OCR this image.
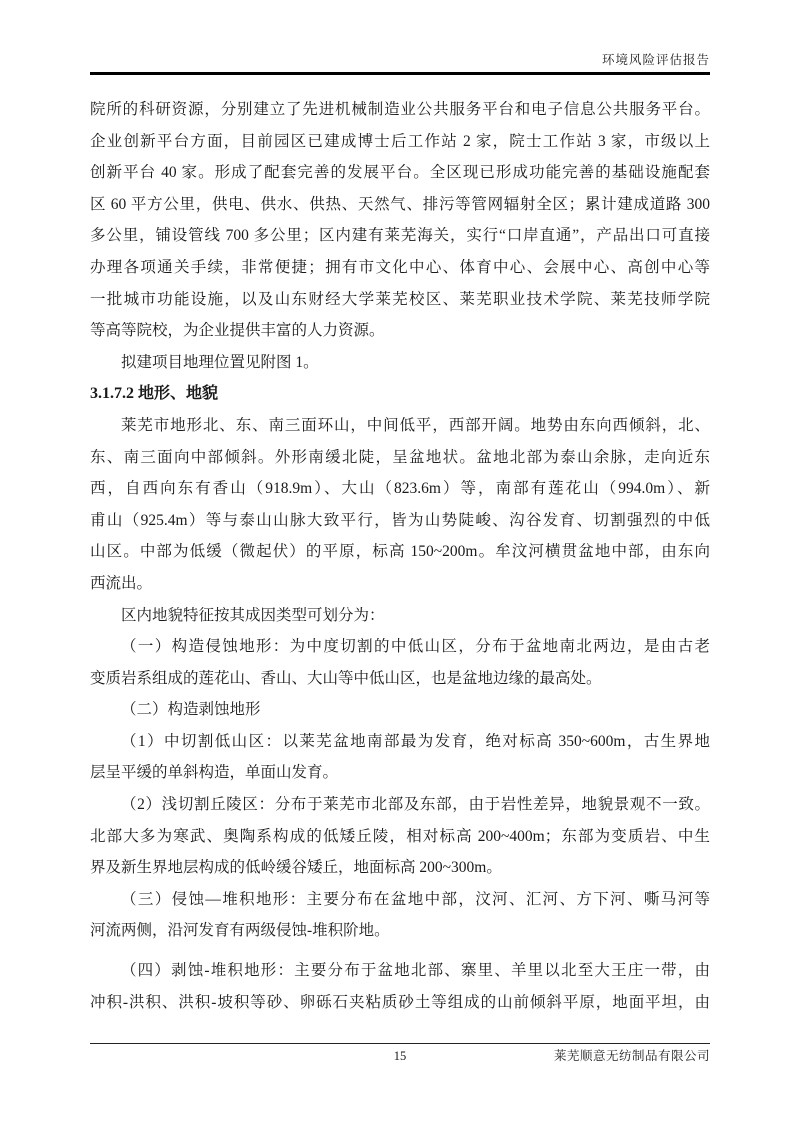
环境风险评估报告
院所的科研资源，分别建立了先进机械制造业公共服务平台和电子信息公共服务平台。
企业创新平台方面，目前园区已建成博士后工作站 2 家，院士工作站 3 家，市级以上
创新平台 40 家。形成了配套完善的发展平台。全区现已形成功能完善的基础设施配套
区 60 平方公里，供电、供水、供热、天然气、排污等管网辐射全区；累计建成道路 300
多公里，铺设管线 700 多公里；区内建有莱芜海关，实行“口岸直通”，产品出口可直接
办理各项通关手续，非常便捷；拥有市文化中心、体育中心、会展中心、高创中心等
一批城市功能设施，以及山东财经大学莱芜校区、莱芜职业技术学院、莱芜技师学院
等高等院校，为企业提供丰富的人力资源。
拟建项目地理位置见附图 1。
3.1.7.2 地形、地貌
莱芜市地形北、东、南三面环山，中间低平，西部开阔。地势由东向西倾斜，北、
东、南三面向中部倾斜。外形南缓北陡，呈盆地状。盆地北部为泰山余脉，走向近东
西，自西向东有香山（918.9m）、大山（823.6m）等，南部有莲花山（994.0m）、新
甫山（925.4m）等与泰山山脉大致平行，皆为山势陡峻、沟谷发育、切割强烈的中低
山区。中部为低缓（微起伏）的平原，标高 150~200m。牟汶河横贯盆地中部，由东向
西流出。
区内地貌特征按其成因类型可划分为：
（一）构造侵蚀地形：为中度切割的中低山区，分布于盆地南北两边，是由古老
变质岩系组成的莲花山、香山、大山等中低山区，也是盆地边缘的最高处。
（二）构造剥蚀地形
（1）中切割低山区：以莱芜盆地南部最为发育，绝对标高 350~600m，古生界地
层呈平缓的单斜构造，单面山发育。
（2）浅切割丘陵区：分布于莱芜市北部及东部，由于岩性差异，地貌景观不一致。
北部大多为寒武、奥陶系构成的低矮丘陵，相对标高 200~400m；东部为变质岩、中生
界及新生界地层构成的低岭缓谷矮丘，地面标高 200~300m。
（三）侵蚀—堆积地形：主要分布在盆地中部，汶河、汇河、方下河、嘶马河等
河流两侧，沿河发育有两级侵蚀-堆积阶地。
（四）剥蚀-堆积地形：主要分布于盆地北部、寨里、羊里以北至大王庄一带，由
冲积-洪积、洪积-坡积等砂、卵砾石夹粘质砂土等组成的山前倾斜平原，地面平坦，由
15	莱芜顺意无纺制品有限公司
